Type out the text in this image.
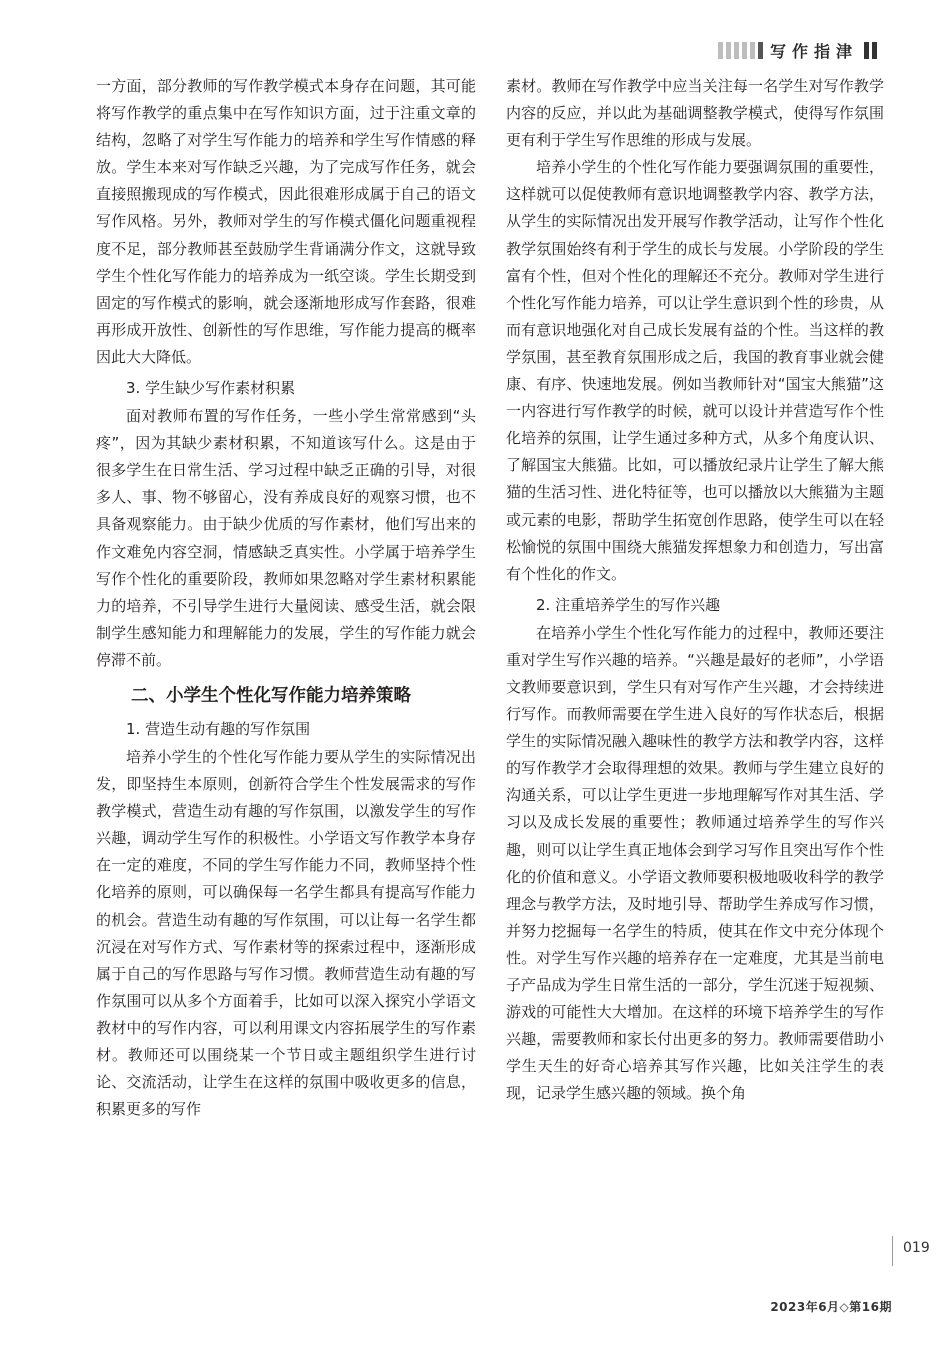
写作指津

一方面，部分教师的写作教学模式本身存在问题，其可能将写作教学的重点集中在写作知识方面，过于注重文章的结构，忽略了对学生写作能力的培养和学生写作情感的释放。学生本来对写作缺乏兴趣，为了完成写作任务，就会直接照搬现成的写作模式，因此很难形成属于自己的语文写作风格。另外，教师对学生的写作模式僵化问题重视程度不足，部分教师甚至鼓励学生背诵满分作文，这就导致学生个性化写作能力的培养成为一纸空谈。学生长期受到固定的写作模式的影响，就会逐渐地形成写作套路，很难再形成开放性、创新性的写作思维，写作能力提高的概率因此大大降低。

3. 学生缺少写作素材积累

面对教师布置的写作任务，一些小学生常常感到“头疼”，因为其缺少素材积累，不知道该写什么。这是由于很多学生在日常生活、学习过程中缺乏正确的引导，对很多人、事、物不够留心，没有养成良好的观察习惯，也不具备观察能力。由于缺少优质的写作素材，他们写出来的作文难免内容空洞，情感缺乏真实性。小学属于培养学生写作个性化的重要阶段，教师如果忽略对学生素材积累能力的培养，不引导学生进行大量阅读、感受生活，就会限制学生感知能力和理解能力的发展，学生的写作能力就会停滞不前。

二、小学生个性化写作能力培养策略
1. 营造生动有趣的写作氛围

培养小学生的个性化写作能力要从学生的实际情况出发，即坚持生本原则，创新符合学生个性发展需求的写作教学模式，营造生动有趣的写作氛围，以激发学生的写作兴趣，调动学生写作的积极性。小学语文写作教学本身存在一定的难度，不同的学生写作能力不同，教师坚持个性化培养的原则，可以确保每一名学生都具有提高写作能力的机会。营造生动有趣的写作氛围，可以让每一名学生都沉浸在对写作方式、写作素材等的探索过程中，逐渐形成属于自己的写作思路与写作习惯。教师营造生动有趣的写作氛围可以从多个方面着手，比如可以深入探究小学语文教材中的写作内容，可以利用课文内容拓展学生的写作素材。教师还可以围绕某一个节日或主题组织学生进行讨论、交流活动，让学生在这样的氛围中吸收更多的信息，积累更多的写作

素材。教师在写作教学中应当关注每一名学生对写作教学内容的反应，并以此为基础调整教学模式，使得写作氛围更有利于学生写作思维的形成与发展。

培养小学生的个性化写作能力要强调氛围的重要性，这样就可以促使教师有意识地调整教学内容、教学方法，从学生的实际情况出发开展写作教学活动，让写作个性化教学氛围始终有利于学生的成长与发展。小学阶段的学生富有个性，但对个性化的理解还不充分。教师对学生进行个性化写作能力培养，可以让学生意识到个性的珍贵，从而有意识地强化对自己成长发展有益的个性。当这样的教学氛围，甚至教育氛围形成之后，我国的教育事业就会健康、有序、快速地发展。例如当教师针对“国宝大熊猫”这一内容进行写作教学的时候，就可以设计并营造写作个性化培养的氛围，让学生通过多种方式，从多个角度认识、了解国宝大熊猫。比如，可以播放纪录片让学生了解大熊猫的生活习性、进化特征等，也可以播放以大熊猫为主题或元素的电影，帮助学生拓宽创作思路，使学生可以在轻松愉悦的氛围中围绕大熊猫发挥想象力和创造力，写出富有个性化的作文。

2. 注重培养学生的写作兴趣

在培养小学生个性化写作能力的过程中，教师还要注重对学生写作兴趣的培养。“兴趣是最好的老师”，小学语文教师要意识到，学生只有对写作产生兴趣，才会持续进行写作。而教师需要在学生进入良好的写作状态后，根据学生的实际情况融入趣味性的教学方法和教学内容，这样的写作教学才会取得理想的效果。教师与学生建立良好的沟通关系，可以让学生更进一步地理解写作对其生活、学习以及成长发展的重要性；教师通过培养学生的写作兴趣，则可以让学生真正地体会到学习写作且突出写作个性化的价值和意义。小学语文教师要积极地吸收科学的教学理念与教学方法，及时地引导、帮助学生养成写作习惯，并努力挖掘每一名学生的特质，使其在作文中充分体现个性。对学生写作兴趣的培养存在一定难度，尤其是当前电子产品成为学生日常生活的一部分，学生沉迷于短视频、游戏的可能性大大增加。在这样的环境下培养学生的写作兴趣，需要教师和家长付出更多的努力。教师需要借助小学生天生的好奇心培养其写作兴趣，比如关注学生的表现，记录学生感兴趣的领域。换个角

019
2023年6月◇第16期
